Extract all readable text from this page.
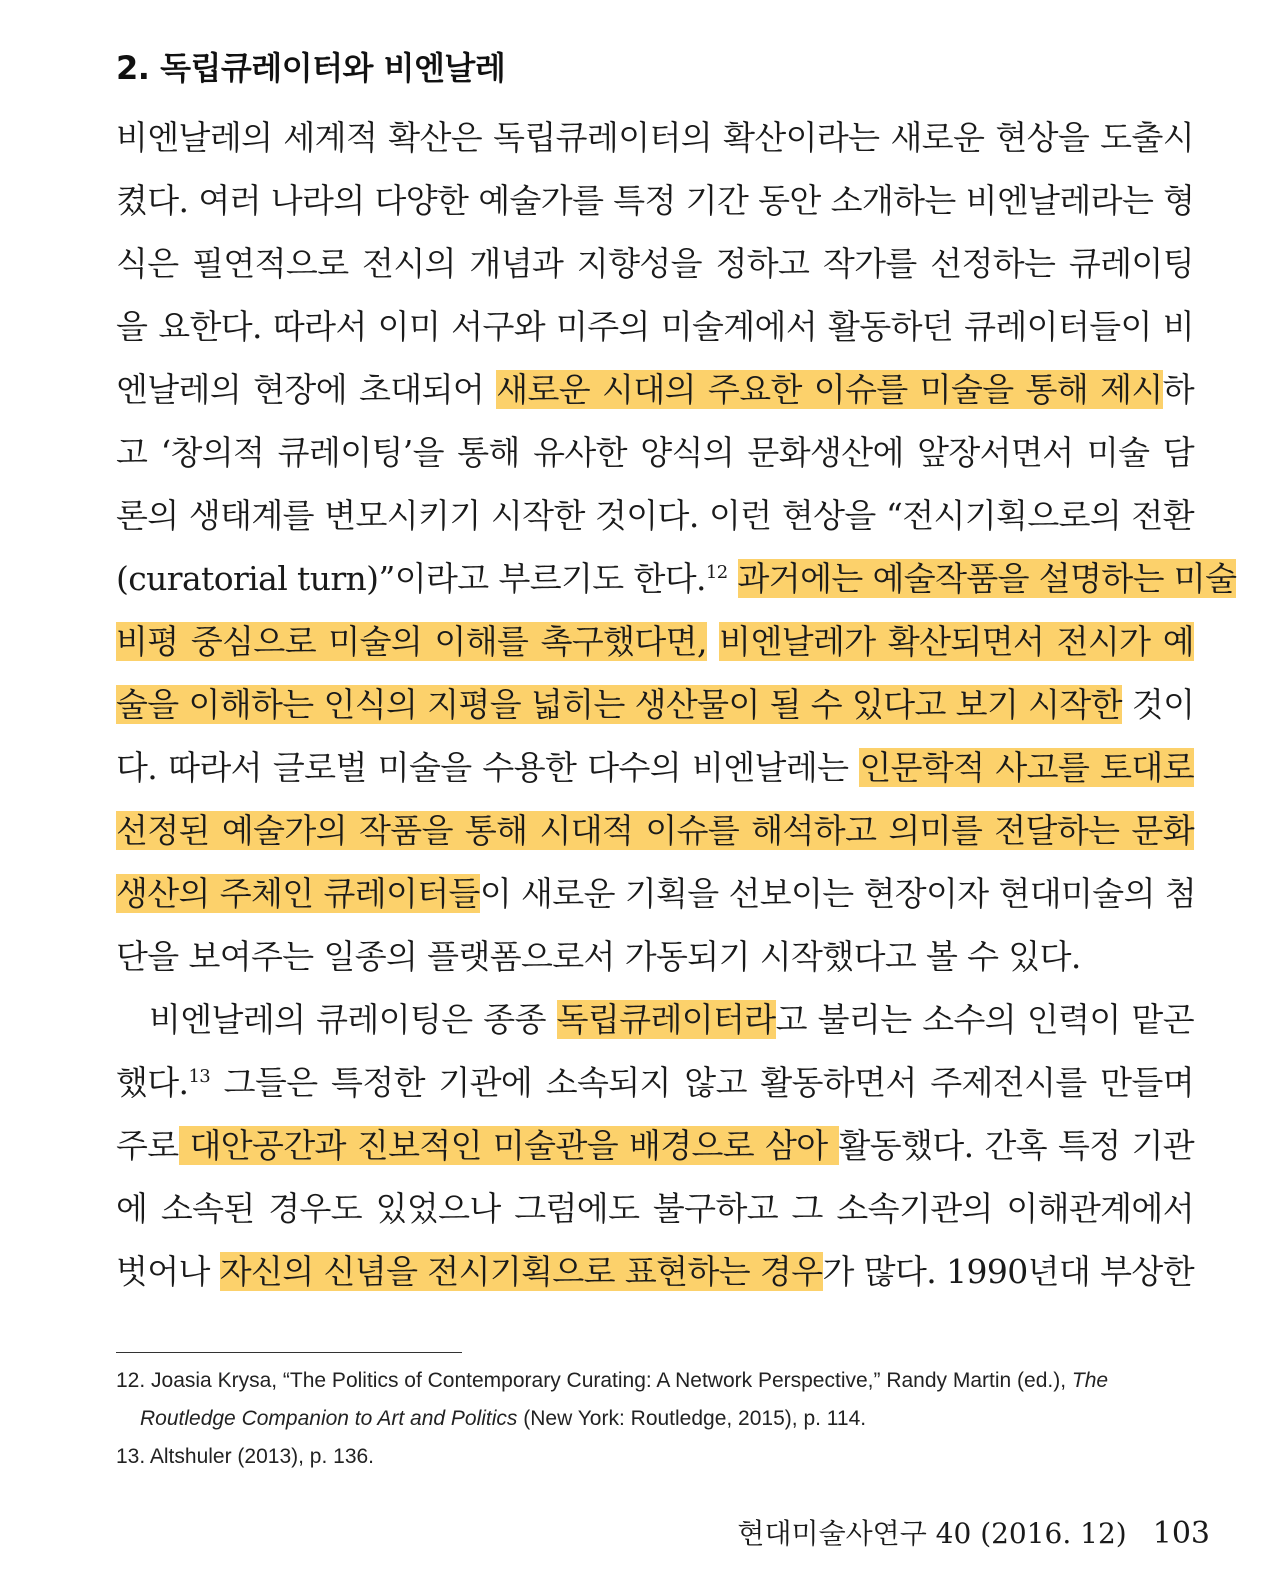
2. 독립큐레이터와 비엔날레
비엔날레의 세계적 확산은 독립큐레이터의 확산이라는 새로운 현상을 도출시
켰다. 여러 나라의 다양한 예술가를 특정 기간 동안 소개하는 비엔날레라는 형
식은 필연적으로 전시의 개념과 지향성을 정하고 작가를 선정하는 큐레이팅
을 요한다. 따라서 이미 서구와 미주의 미술계에서 활동하던 큐레이터들이 비
엔날레의 현장에 초대되어 새로운 시대의 주요한 이슈를 미술을 통해 제시하
고 ‘창의적 큐레이팅’을 통해 유사한 양식의 문화생산에 앞장서면서 미술 담
론의 생태계를 변모시키기 시작한 것이다. 이런 현상을 “전시기획으로의 전환
(curatorial turn)”이라고 부르기도 한다.$^{12}$ 과거에는 예술작품을 설명하는 미술
비평 중심으로 미술의 이해를 촉구했다면, 비엔날레가 확산되면서 전시가 예
술을 이해하는 인식의 지평을 넓히는 생산물이 될 수 있다고 보기 시작한 것이
다. 따라서 글로벌 미술을 수용한 다수의 비엔날레는 인문학적 사고를 토대로
선정된 예술가의 작품을 통해 시대적 이슈를 해석하고 의미를 전달하는 문화
생산의 주체인 큐레이터들이 새로운 기획을 선보이는 현장이자 현대미술의 첨
단을 보여주는 일종의 플랫폼으로서 가동되기 시작했다고 볼 수 있다.
비엔날레의 큐레이팅은 종종 독립큐레이터라고 불리는 소수의 인력이 맡곤
했다.$^{13}$ 그들은 특정한 기관에 소속되지 않고 활동하면서 주제전시를 만들며
주로 대안공간과 진보적인 미술관을 배경으로 삼아 활동했다. 간혹 특정 기관
에 소속된 경우도 있었으나 그럼에도 불구하고 그 소속기관의 이해관계에서
벗어나 자신의 신념을 전시기획으로 표현하는 경우가 많다. 1990년대 부상한

12. Joasia Krysa, “The Politics of Contemporary Curating: A Network Perspective,” Randy Martin (ed.), The
Routledge Companion to Art and Politics (New York: Routledge, 2015), p. 114.

13. Altshuler (2013), p. 136.

현대미술사연구 40 (2016. 12) 103
